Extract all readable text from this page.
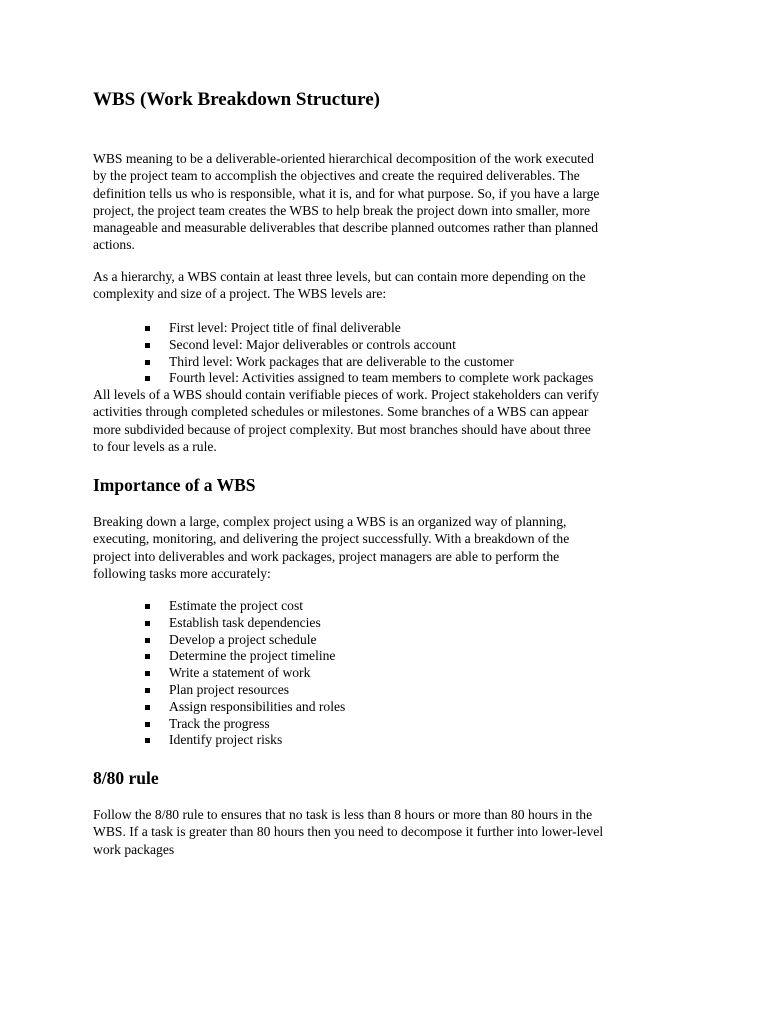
WBS (Work Breakdown Structure)

WBS meaning to be a deliverable-oriented hierarchical decomposition of the work executed
by the project team to accomplish the objectives and create the required deliverables. The
definition tells us who is responsible, what it is, and for what purpose. So, if you have a large
project, the project team creates the WBS to help break the project down into smaller, more
manageable and measurable deliverables that describe planned outcomes rather than planned
actions.

As a hierarchy, a WBS contain at least three levels, but can contain more depending on the
complexity and size of a project. The WBS levels are:

First level: Project title of final deliverable
Second level: Major deliverables or controls account
Third level: Work packages that are deliverable to the customer
Fourth level: Activities assigned to team members to complete work packages

All levels of a WBS should contain verifiable pieces of work. Project stakeholders can verify
activities through completed schedules or milestones. Some branches of a WBS can appear
more subdivided because of project complexity. But most branches should have about three
to four levels as a rule.

Importance of a WBS

Breaking down a large, complex project using a WBS is an organized way of planning,
executing, monitoring, and delivering the project successfully. With a breakdown of the
project into deliverables and work packages, project managers are able to perform the
following tasks more accurately:

Estimate the project cost
Establish task dependencies
Develop a project schedule
Determine the project timeline
Write a statement of work
Plan project resources
Assign responsibilities and roles
Track the progress
Identify project risks
8/80 rule

Follow the 8/80 rule to ensures that no task is less than 8 hours or more than 80 hours in the
WBS. If a task is greater than 80 hours then you need to decompose it further into lower-level
work packages
